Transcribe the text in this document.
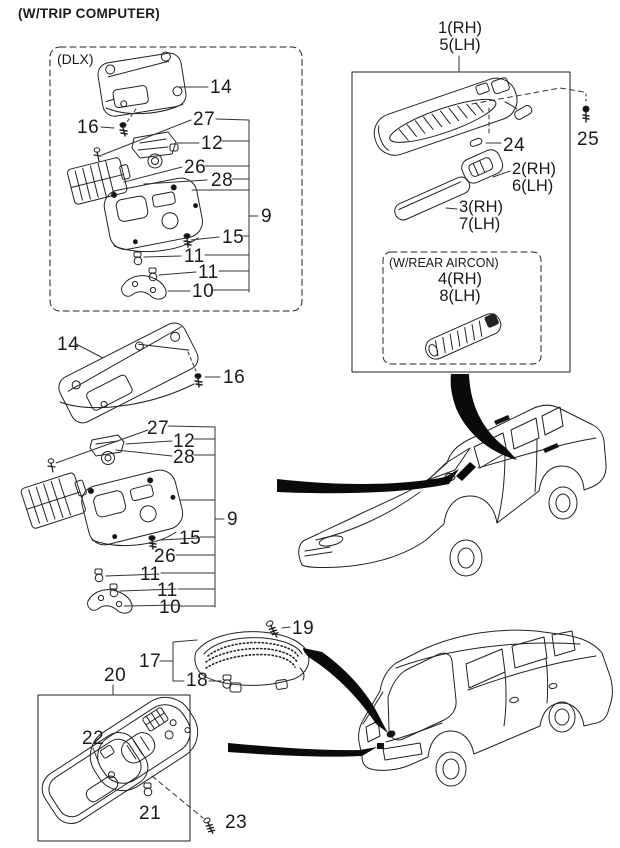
(W/TRIP COMPUTER)
(DLX)
14
16	27
12
26
28
9
15
11
11
10
1(RH)
5(LH)
24	25
2(RH)
6(LH)
3(RH)
7(LH)
(W/REAR AIRCON)
4(RH)
8(LH)
14
16
27
12
28
9
15
26
11
11
10
19
17
18
20
22
21	23
